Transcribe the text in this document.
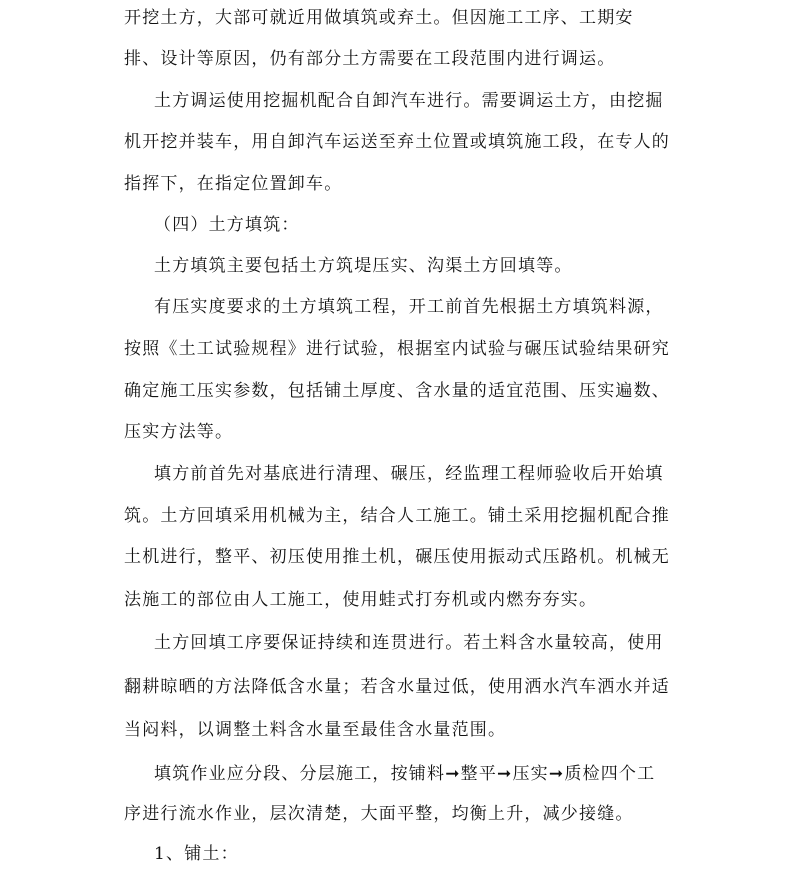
开挖土方，大部可就近用做填筑或弃土。但因施工工序、工期安
排、设计等原因，仍有部分土方需要在工段范围内进行调运。
土方调运使用挖掘机配合自卸汽车进行。需要调运土方，由挖掘
机开挖并装车，用自卸汽车运送至弃土位置或填筑施工段，在专人的
指挥下，在指定位置卸车。
（四）土方填筑：
土方填筑主要包括土方筑堤压实、沟渠土方回填等。
有压实度要求的土方填筑工程，开工前首先根据土方填筑料源，
按照《土工试验规程》进行试验，根据室内试验与碾压试验结果研究
确定施工压实参数，包括铺土厚度、含水量的适宜范围、压实遍数、
压实方法等。
填方前首先对基底进行清理、碾压，经监理工程师验收后开始填
筑。土方回填采用机械为主，结合人工施工。铺土采用挖掘机配合推
土机进行，整平、初压使用推土机，碾压使用振动式压路机。机械无
法施工的部位由人工施工，使用蛙式打夯机或内燃夯夯实。
土方回填工序要保证持续和连贯进行。若土料含水量较高，使用
翻耕晾晒的方法降低含水量；若含水量过低，使用洒水汽车洒水并适
当闷料，以调整土料含水量至最佳含水量范围。
填筑作业应分段、分层施工，按铺料➞整平➞压实➞质检四个工
序进行流水作业，层次清楚，大面平整，均衡上升，减少接缝。
1、铺土：
